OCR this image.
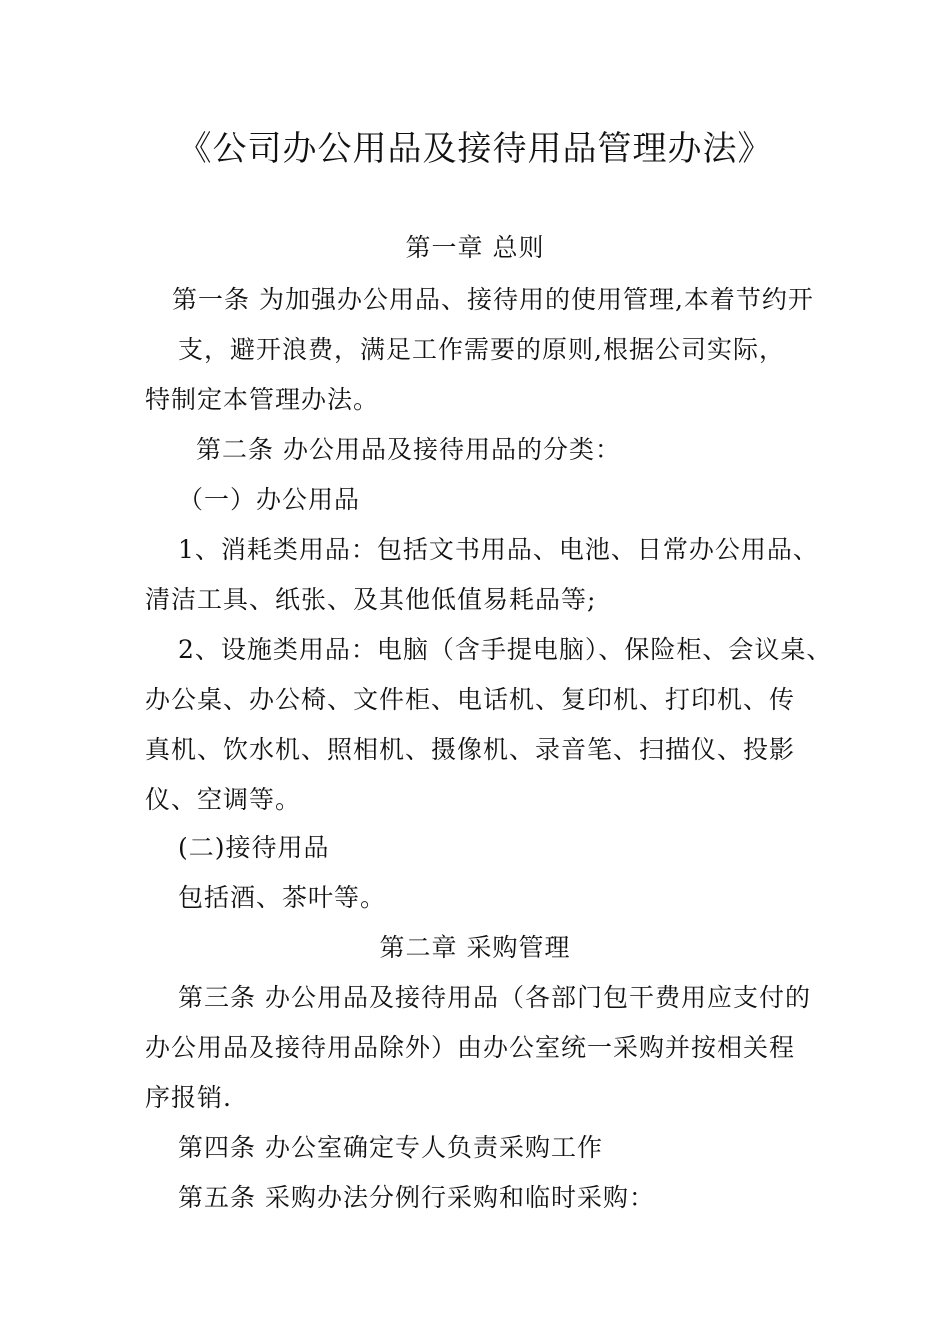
《公司办公用品及接待用品管理办法》
第一章 总则
第一条 为加强办公用品、接待用的使用管理,本着节约开
支，避开浪费，满足工作需要的原则,根据公司实际，
特制定本管理办法。
第二条 办公用品及接待用品的分类：
（一）办公用品
1、消耗类用品：包括文书用品、电池、日常办公用品、
清洁工具、纸张、及其他低值易耗品等;
2、设施类用品：电脑（含手提电脑）、保险柜、会议桌、
办公桌、办公椅、文件柜、电话机、复印机、打印机、传
真机、饮水机、照相机、摄像机、录音笔、扫描仪、投影
仪、空调等。
(二)接待用品
包括酒、茶叶等。
第二章 采购管理
第三条 办公用品及接待用品（各部门包干费用应支付的
办公用品及接待用品除外）由办公室统一采购并按相关程
序报销.
第四条 办公室确定专人负责采购工作
第五条 采购办法分例行采购和临时采购：
